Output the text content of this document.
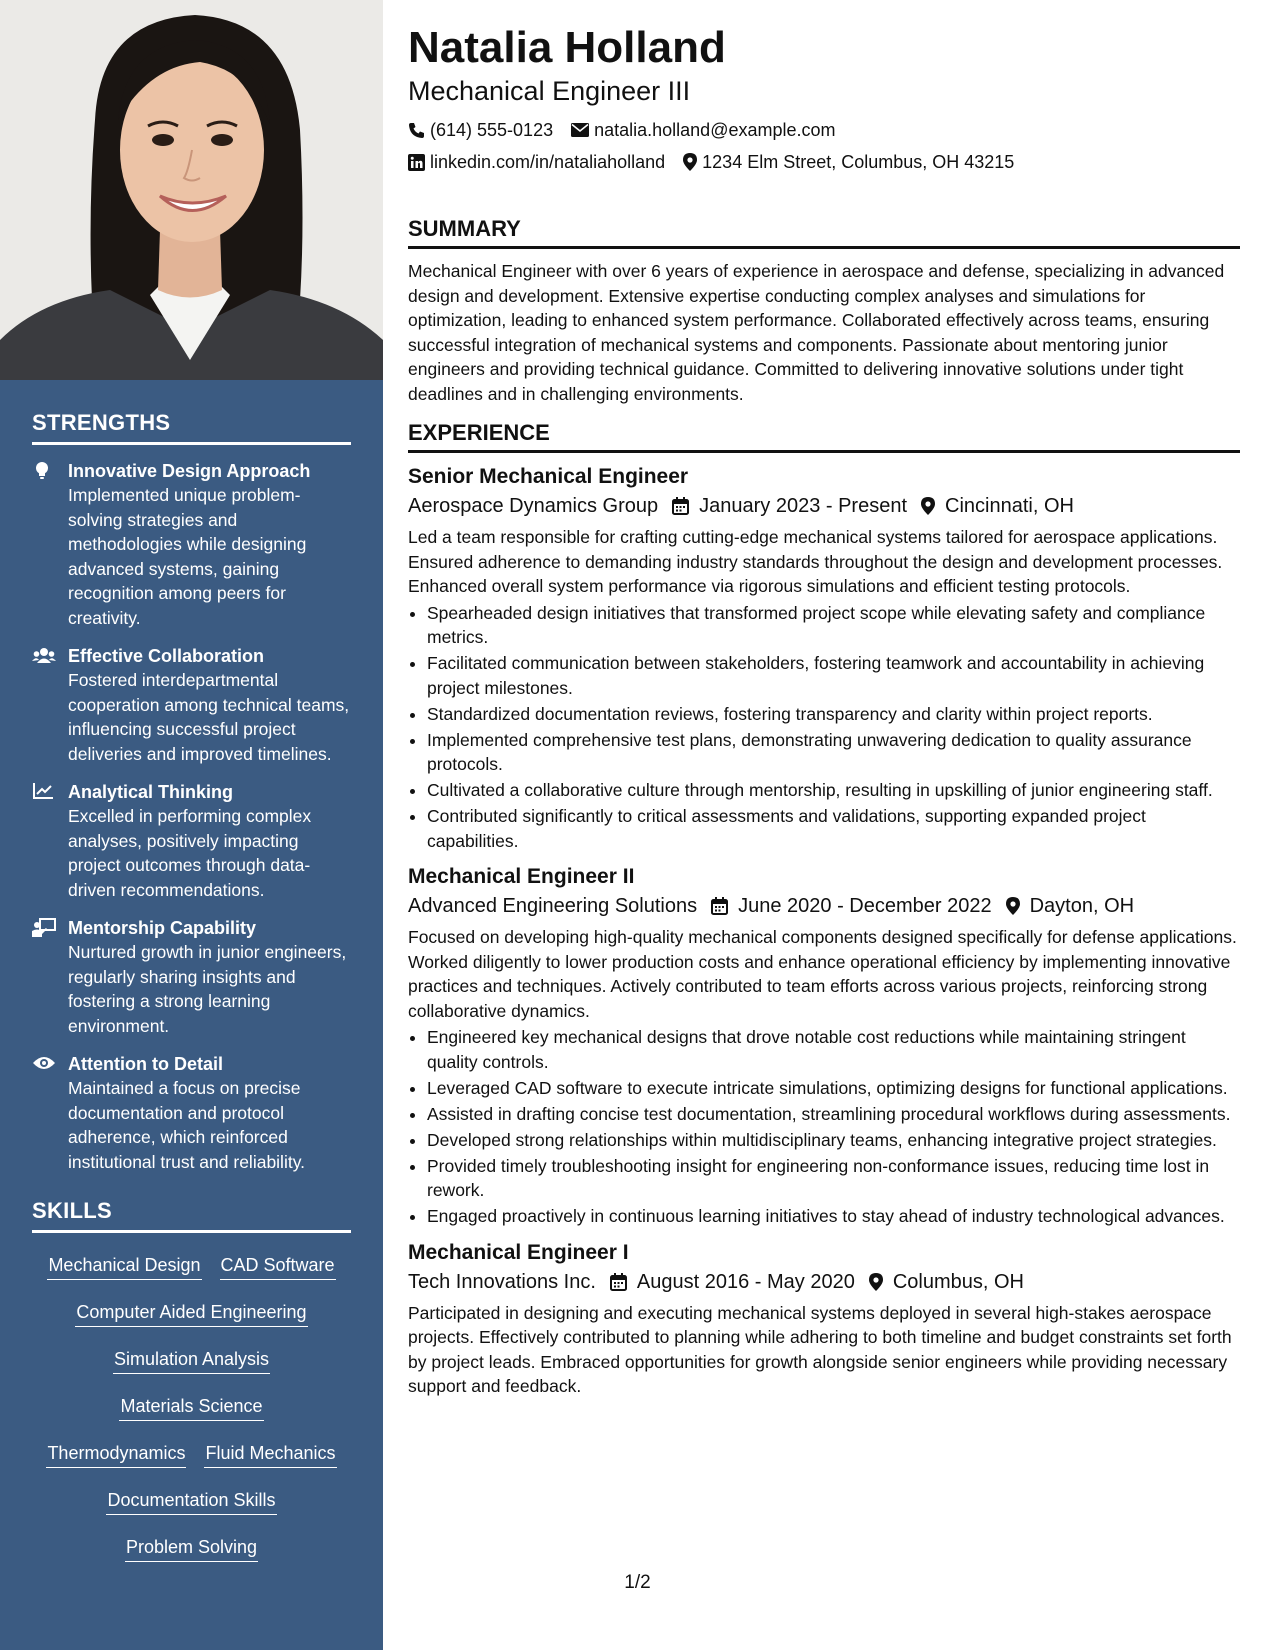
STRENGTHS
Innovative Design Approach
Implemented unique problem-solving strategies and methodologies while designing advanced systems, gaining recognition among peers for creativity.
Effective Collaboration
Fostered interdepartmental cooperation among technical teams, influencing successful project deliveries and improved timelines.
Analytical Thinking
Excelled in performing complex analyses, positively impacting project outcomes through data-driven recommendations.
Mentorship Capability
Nurtured growth in junior engineers, regularly sharing insights and fostering a strong learning environment.
Attention to Detail
Maintained a focus on precise documentation and protocol adherence, which reinforced institutional trust and reliability.
SKILLS
Mechanical Design CAD Software
Computer Aided Engineering
Simulation Analysis
Materials Science
Thermodynamics Fluid Mechanics
Documentation Skills
Problem Solving
Natalia Holland
Mechanical Engineer III
(614) 555-0123 natalia.holland@example.com
linkedin.com/in/nataliaholland 1234 Elm Street, Columbus, OH 43215
SUMMARY

Mechanical Engineer with over 6 years of experience in aerospace and defense, specializing in advanced design and development. Extensive expertise conducting complex analyses and simulations for optimization, leading to enhanced system performance. Collaborated effectively across teams, ensuring successful integration of mechanical systems and components. Passionate about mentoring junior engineers and providing technical guidance. Committed to delivering innovative solutions under tight deadlines and in challenging environments.

EXPERIENCE
Senior Mechanical Engineer
Aerospace Dynamics Group January 2023 - Present Cincinnati, OH

Led a team responsible for crafting cutting-edge mechanical systems tailored for aerospace applications. Ensured adherence to demanding industry standards throughout the design and development processes. Enhanced overall system performance via rigorous simulations and efficient testing protocols.

• Spearheaded design initiatives that transformed project scope while elevating safety and compliance metrics.
• Facilitated communication between stakeholders, fostering teamwork and accountability in achieving project milestones.
• Standardized documentation reviews, fostering transparency and clarity within project reports.
• Implemented comprehensive test plans, demonstrating unwavering dedication to quality assurance protocols.
• Cultivated a collaborative culture through mentorship, resulting in upskilling of junior engineering staff.
• Contributed significantly to critical assessments and validations, supporting expanded project capabilities.
Mechanical Engineer II
Advanced Engineering Solutions June 2020 - December 2022 Dayton, OH

Focused on developing high-quality mechanical components designed specifically for defense applications. Worked diligently to lower production costs and enhance operational efficiency by implementing innovative practices and techniques. Actively contributed to team efforts across various projects, reinforcing strong collaborative dynamics.

• Engineered key mechanical designs that drove notable cost reductions while maintaining stringent quality controls.
• Leveraged CAD software to execute intricate simulations, optimizing designs for functional applications.
• Assisted in drafting concise test documentation, streamlining procedural workflows during assessments.
• Developed strong relationships within multidisciplinary teams, enhancing integrative project strategies.
• Provided timely troubleshooting insight for engineering non-conformance issues, reducing time lost in rework.
• Engaged proactively in continuous learning initiatives to stay ahead of industry technological advances.
Mechanical Engineer I
Tech Innovations Inc. August 2016 - May 2020 Columbus, OH

Participated in designing and executing mechanical systems deployed in several high-stakes aerospace projects. Effectively contributed to planning while adhering to both timeline and budget constraints set forth by project leads. Embraced opportunities for growth alongside senior engineers while providing necessary support and feedback.

1/2
